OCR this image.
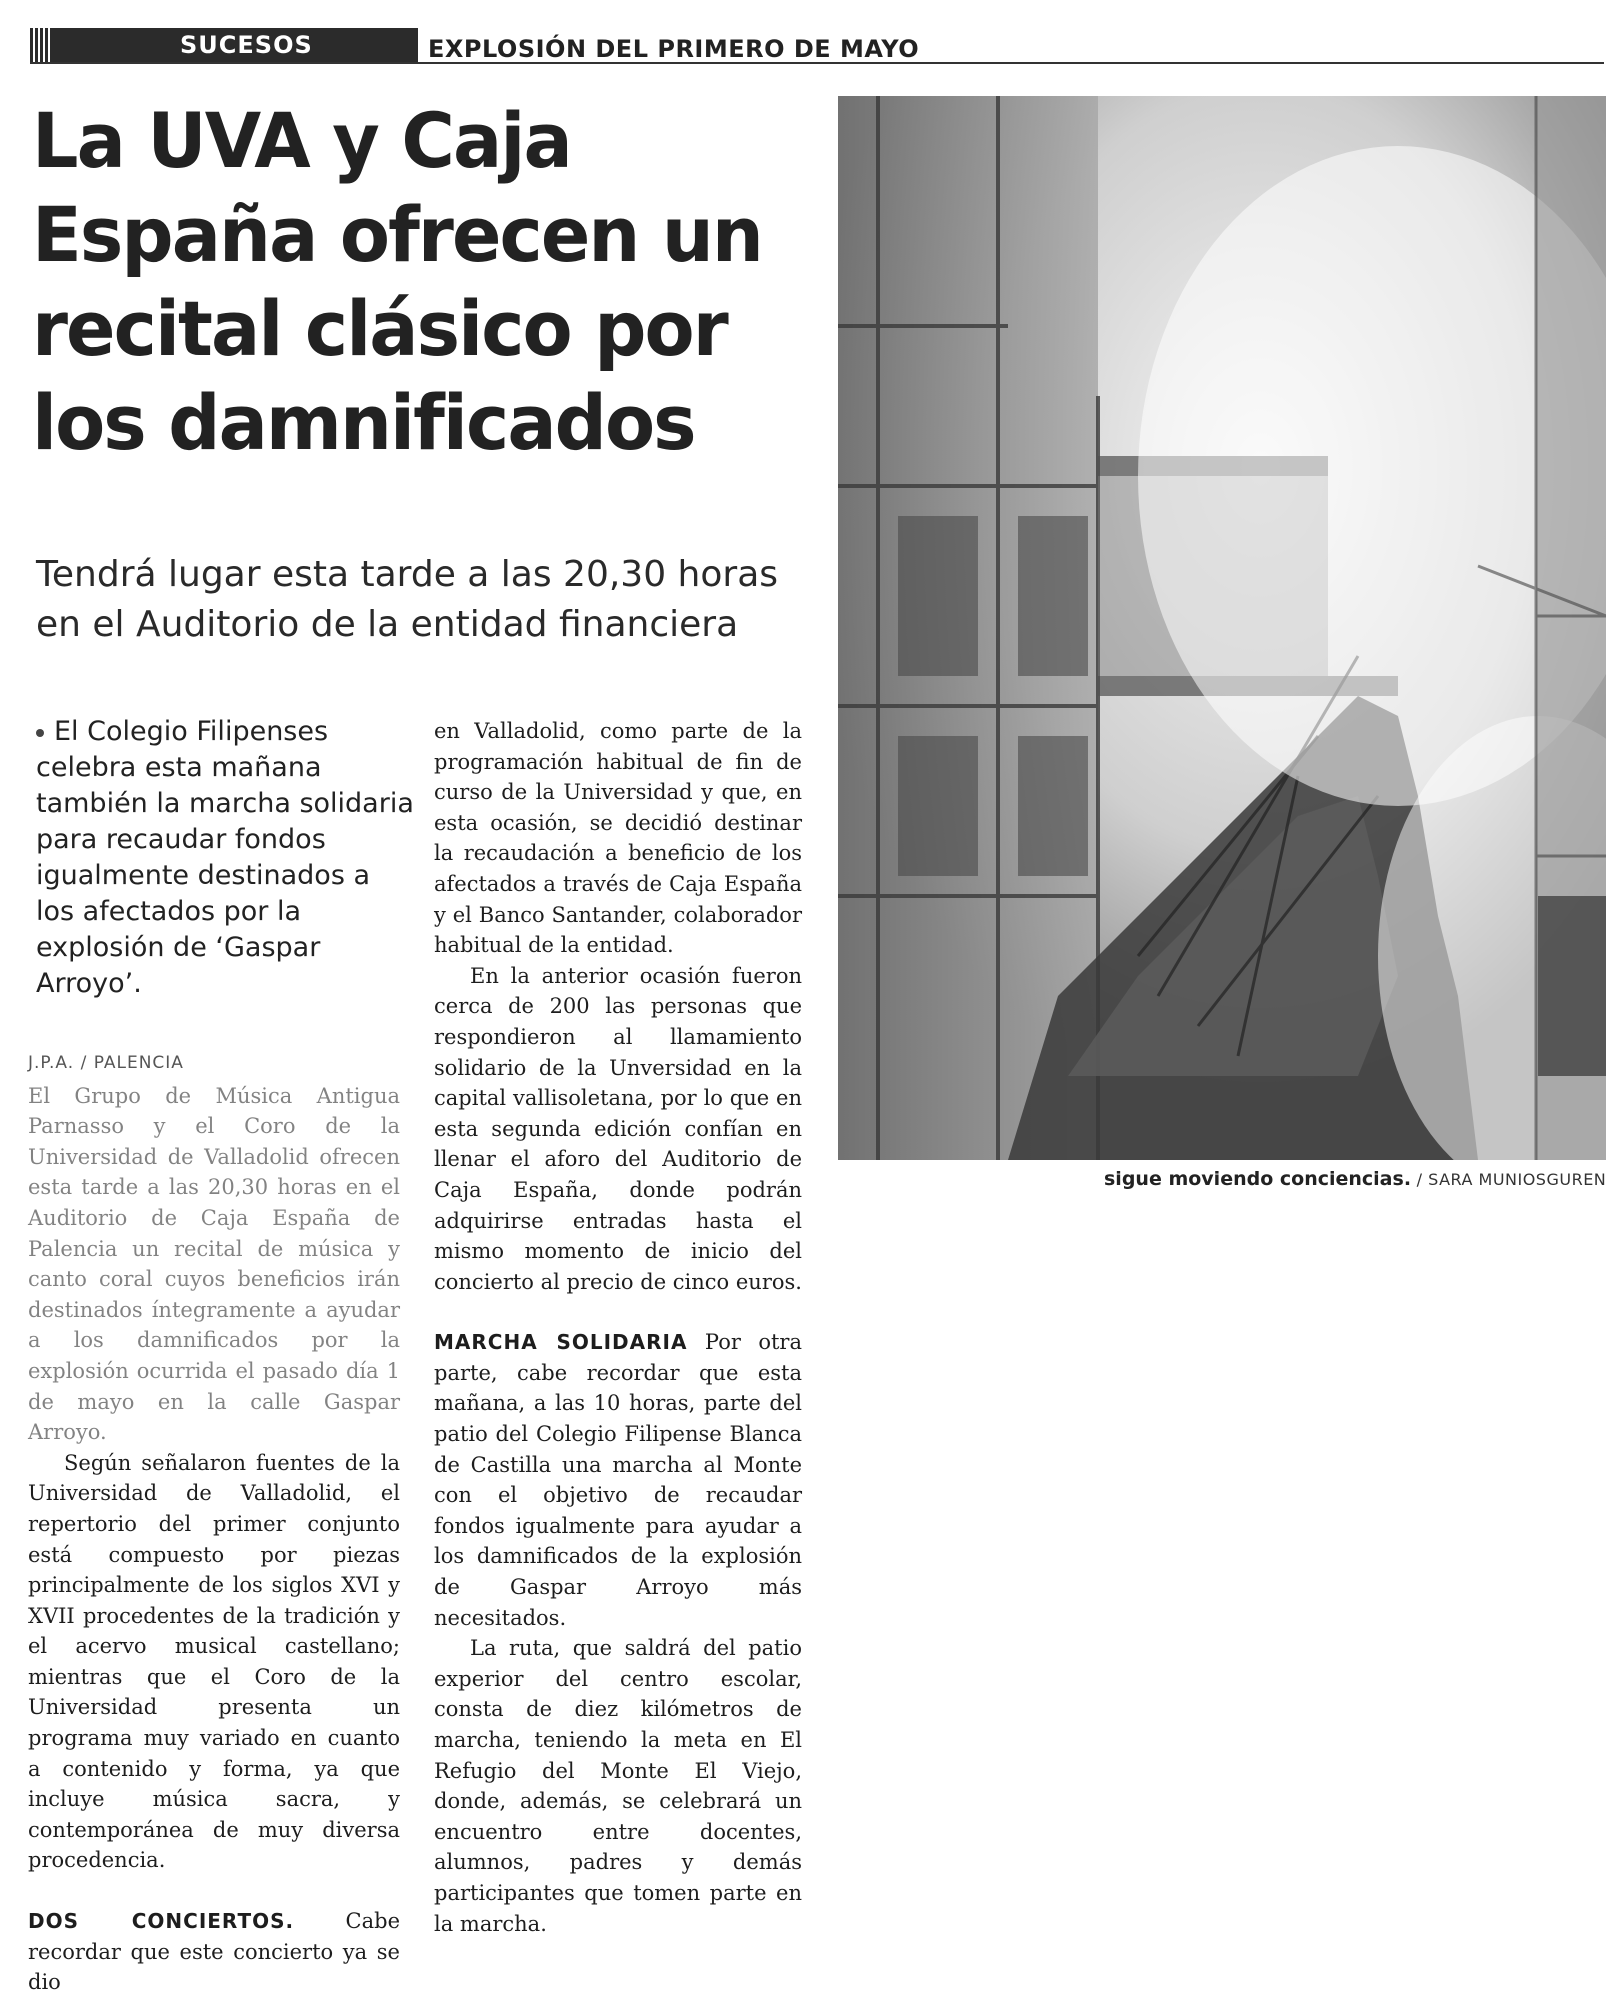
SUCESOS	EXPLOSIÓN DEL PRIMERO DE MAYO
La UVA y Caja España ofrecen un recital clásico por los damnificados
Tendrá lugar esta tarde a las 20,30 horas en el Auditorio de la entidad financiera
El Colegio Filipenses celebra esta mañana también la marcha solidaria para recaudar fondos igualmente destinados a los afectados por la explosión de ‘Gaspar Arroyo’.
J.P.A. / PALENCIA

El Grupo de Música Antigua Parnasso y el Coro de la Universidad de Valladolid ofrecen esta tarde a las 20,30 horas en el Auditorio de Caja España de Palencia un recital de música y canto coral cuyos beneficios irán destinados íntegramente a ayudar a los damnificados por la explosión ocurrida el pasado día 1 de mayo en la calle Gaspar Arroyo.

Según señalaron fuentes de la Universidad de Valladolid, el repertorio del primer conjunto está compuesto por piezas principalmente de los siglos XVI y XVII procedentes de la tradición y el acervo musical castellano; mientras que el Coro de la Universidad presenta un programa muy variado en cuanto a contenido y forma, ya que incluye música sacra, y contemporánea de muy diversa procedencia.

DOS CONCIERTOS. Cabe recordar que este concierto ya se dio

en Valladolid, como parte de la programación habitual de fin de curso de la Universidad y que, en esta ocasión, se decidió destinar la recaudación a beneficio de los afectados a través de Caja España y el Banco Santander, colaborador habitual de la entidad.

En la anterior ocasión fueron cerca de 200 las personas que respondieron al llamamiento solidario de la Unversidad en la capital vallisoletana, por lo que en esta segunda edición confían en llenar el aforo del Auditorio de Caja España, donde podrán adquirirse entradas hasta el mismo momento de inicio del concierto al precio de cinco euros.

MARCHA SOLIDARIA Por otra parte, cabe recordar que esta mañana, a las 10 horas, parte del patio del Colegio Filipense Blanca de Castilla una marcha al Monte con el objetivo de recaudar fondos igualmente para ayudar a los damnificados de la explosión de Gaspar Arroyo más necesitados.

La ruta, que saldrá del patio experior del centro escolar, consta de diez kilómetros de marcha, teniendo la meta en El Refugio del Monte El Viejo, donde, además, se celebrará un encuentro entre docentes, alumnos, padres y demás participantes que tomen parte en la marcha.

sigue moviendo conciencias. / SARA MUNIOSGUREN
